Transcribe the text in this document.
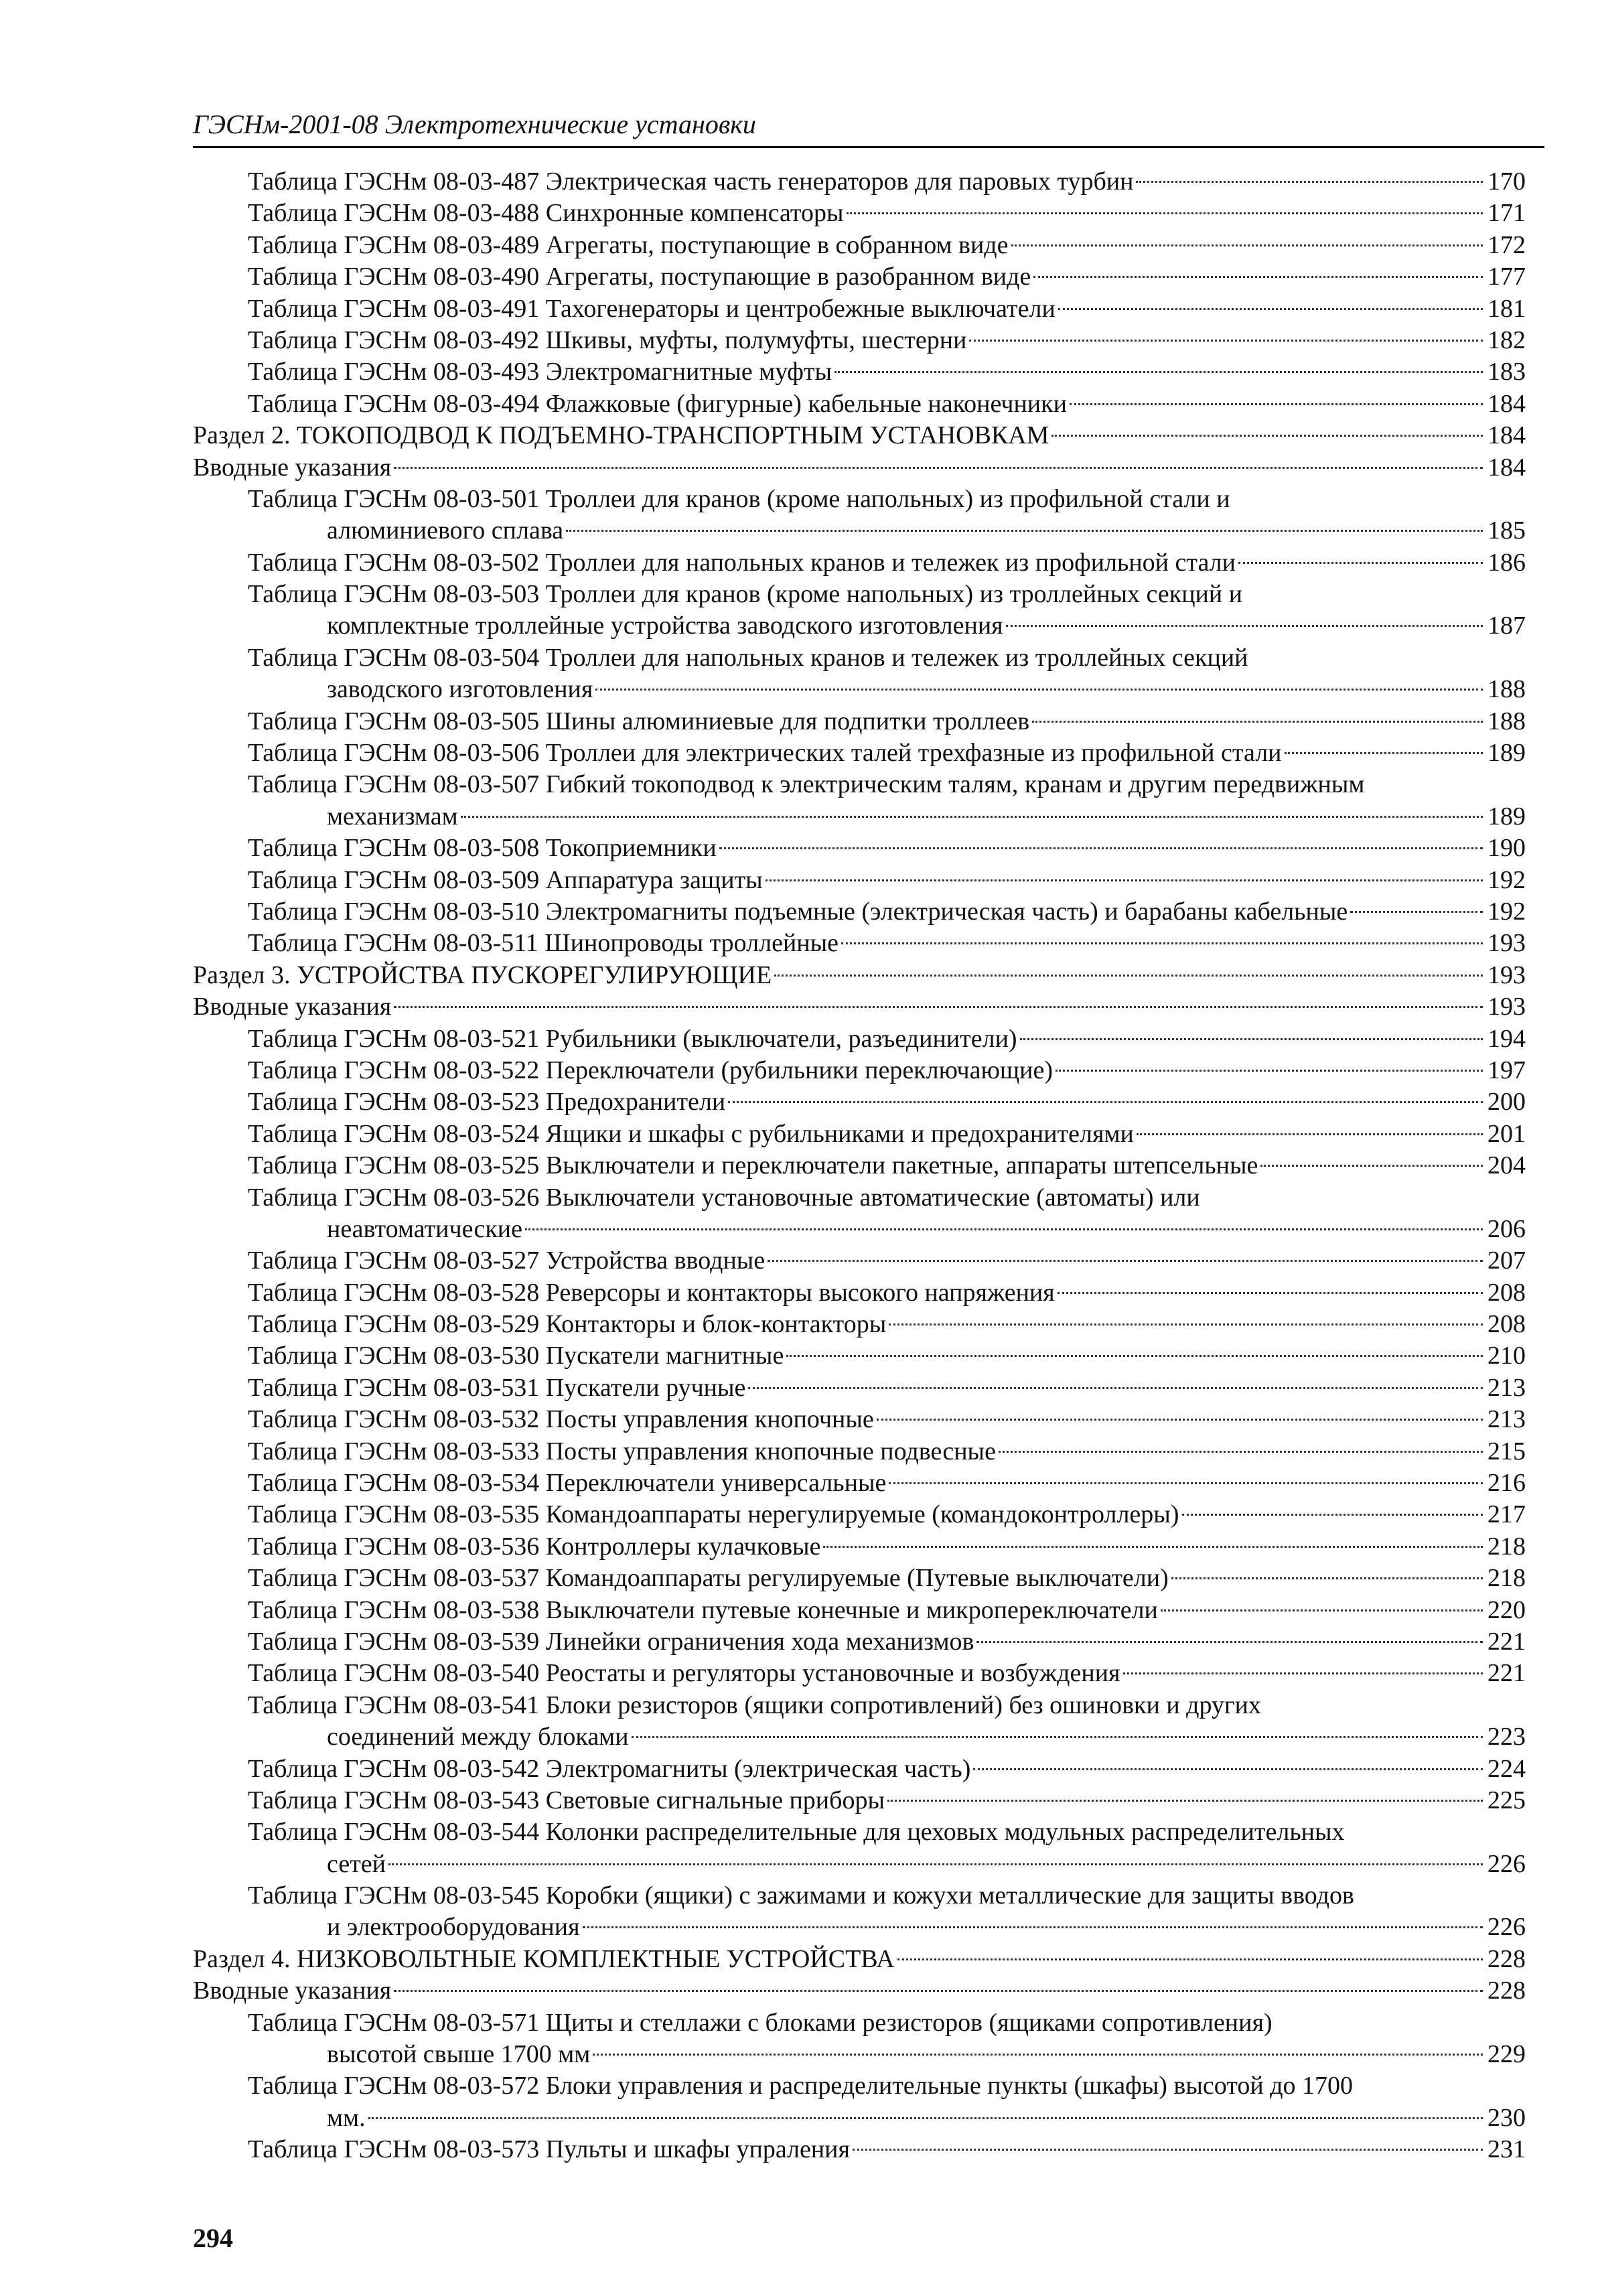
ГЭСНм-2001-08 Электротехнические установки
Таблица ГЭСНм 08-03-487 Электрическая часть генераторов для паровых турбин	170
Таблица ГЭСНм 08-03-488 Синхронные компенсаторы	171
Таблица ГЭСНм 08-03-489 Агрегаты, поступающие в собранном виде	172
Таблица ГЭСНм 08-03-490 Агрегаты, поступающие в разобранном виде	177
Таблица ГЭСНм 08-03-491 Тахогенераторы и центробежные выключатели	181
Таблица ГЭСНм 08-03-492 Шкивы, муфты, полумуфты, шестерни	182
Таблица ГЭСНм 08-03-493 Электромагнитные муфты	183
Таблица ГЭСНм 08-03-494 Флажковые (фигурные) кабельные наконечники	184
Раздел 2. ТОКОПОДВОД К ПОДЪЕМНО-ТРАНСПОРТНЫМ УСТАНОВКАМ	184
Вводные указания	184
Таблица ГЭСНм 08-03-501 Троллеи для кранов (кроме напольных) из профильной стали и
алюминиевого сплава	185
Таблица ГЭСНм 08-03-502 Троллеи для напольных кранов и тележек из профильной стали	186
Таблица ГЭСНм 08-03-503 Троллеи для кранов (кроме напольных) из троллейных секций и
комплектные троллейные устройства заводского изготовления	187
Таблица ГЭСНм 08-03-504 Троллеи для напольных кранов и тележек из троллейных секций
заводского изготовления	188
Таблица ГЭСНм 08-03-505 Шины алюминиевые для подпитки троллеев	188
Таблица ГЭСНм 08-03-506 Троллеи для электрических талей трехфазные из профильной стали	189
Таблица ГЭСНм 08-03-507 Гибкий токоподвод к электрическим талям, кранам и другим передвижным
механизмам	189
Таблица ГЭСНм 08-03-508 Токоприемники	190
Таблица ГЭСНм 08-03-509 Аппаратура защиты	192
Таблица ГЭСНм 08-03-510 Электромагниты подъемные (электрическая часть) и барабаны кабельные	192
Таблица ГЭСНм 08-03-511 Шинопроводы троллейные	193
Раздел 3. УСТРОЙСТВА ПУСКОРЕГУЛИРУЮЩИЕ	193
Вводные указания	193
Таблица ГЭСНм 08-03-521 Рубильники (выключатели, разъединители)	194
Таблица ГЭСНм 08-03-522 Переключатели (рубильники переключающие)	197
Таблица ГЭСНм 08-03-523 Предохранители	200
Таблица ГЭСНм 08-03-524 Ящики и шкафы с рубильниками и предохранителями	201
Таблица ГЭСНм 08-03-525 Выключатели и переключатели пакетные, аппараты штепсельные	204
Таблица ГЭСНм 08-03-526 Выключатели установочные автоматические (автоматы) или
неавтоматические	206
Таблица ГЭСНм 08-03-527 Устройства вводные	207
Таблица ГЭСНм 08-03-528 Реверсоры и контакторы высокого напряжения	208
Таблица ГЭСНм 08-03-529 Контакторы и блок-контакторы	208
Таблица ГЭСНм 08-03-530 Пускатели магнитные	210
Таблица ГЭСНм 08-03-531 Пускатели ручные	213
Таблица ГЭСНм 08-03-532 Посты управления кнопочные	213
Таблица ГЭСНм 08-03-533 Посты управления кнопочные подвесные	215
Таблица ГЭСНм 08-03-534 Переключатели универсальные	216
Таблица ГЭСНм 08-03-535 Командоаппараты нерегулируемые (командоконтроллеры)	217
Таблица ГЭСНм 08-03-536 Контроллеры кулачковые	218
Таблица ГЭСНм 08-03-537 Командоаппараты регулируемые (Путевые выключатели)	218
Таблица ГЭСНм 08-03-538 Выключатели путевые конечные и микропереключатели	220
Таблица ГЭСНм 08-03-539 Линейки ограничения хода механизмов	221
Таблица ГЭСНм 08-03-540 Реостаты и регуляторы установочные и возбуждения	221
Таблица ГЭСНм 08-03-541 Блоки резисторов (ящики сопротивлений) без ошиновки и других
соединений между блоками	223
Таблица ГЭСНм 08-03-542 Электромагниты (электрическая часть)	224
Таблица ГЭСНм 08-03-543 Световые сигнальные приборы	225
Таблица ГЭСНм 08-03-544 Колонки распределительные для цеховых модульных распределительных
сетей	226
Таблица ГЭСНм 08-03-545 Коробки (ящики) с зажимами и кожухи металлические для защиты вводов
и электрооборудования	226
Раздел 4. НИЗКОВОЛЬТНЫЕ КОМПЛЕКТНЫЕ УСТРОЙСТВА	228
Вводные указания	228
Таблица ГЭСНм 08-03-571 Щиты и стеллажи с блоками резисторов (ящиками сопротивления)
высотой свыше 1700 мм	229
Таблица ГЭСНм 08-03-572 Блоки управления и распределительные пункты (шкафы) высотой до 1700
мм.	230
Таблица ГЭСНм 08-03-573 Пульты и шкафы упраления	231
294
